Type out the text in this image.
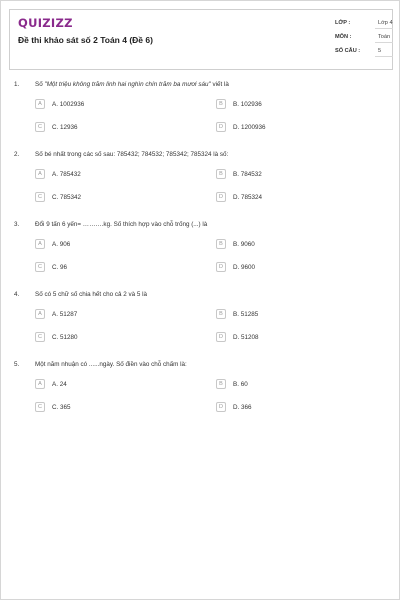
QUIZIZZ
Đề thi khảo sát số 2 Toán 4 (Đề 6)
LỚP :	Lớp 4
MÔN :	Toán
SỐ CÂU :	5
1. Số "Một triệu không trăm linh hai nghìn chín trăm ba mươi sáu" viết là
A	A. 1002936	B	B. 102936
C	C. 12936	D	D. 1200936
2. Số bé nhất trong các số sau: 785432; 784532; 785342; 785324 là số:
A	A. 785432	B	B. 784532
C	C. 785342	D	D. 785324
3. Đổi 9 tấn 6 yến= ……….kg. Số thích hợp vào chỗ trống (...) là
A	A. 906	B	B. 9060
C	C. 96	D	D. 9600
4. Số có 5 chữ số chia hết cho cả 2 và 5 là
A	A. 51287	B	B. 51285
C	C. 51280	D	D. 51208
5. Một năm nhuận có ......ngày. Số điền vào chỗ chấm là:
A	A. 24	B	B. 60
C	C. 365	D	D. 366
